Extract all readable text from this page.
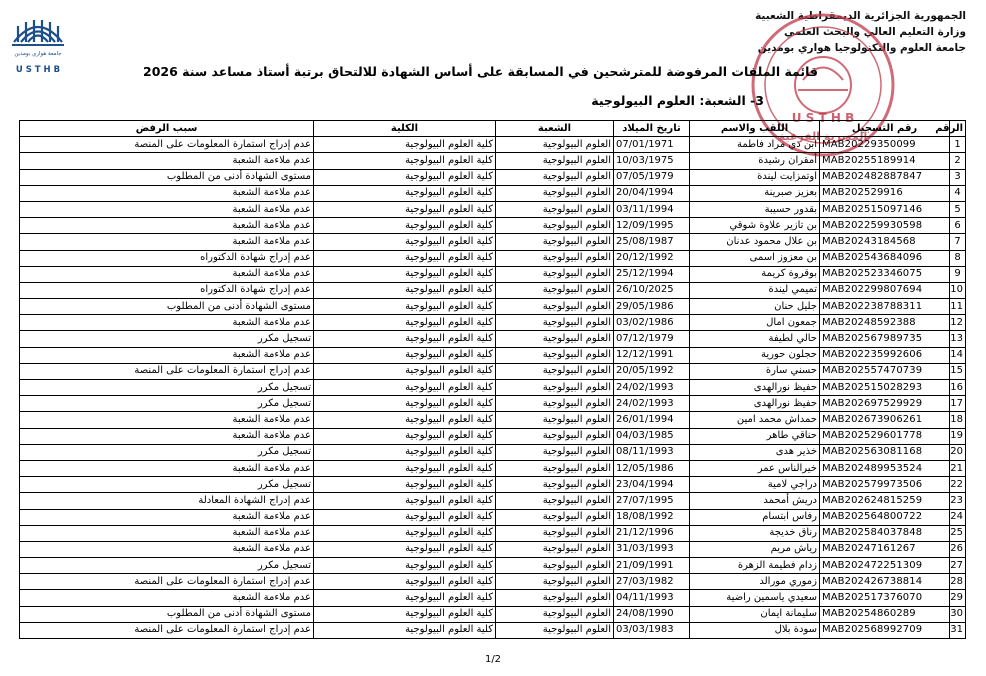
الجمهورية الجزائرية الديمقراطية الشعبية
وزارة التعليم العالي والبحث العلمي
جامعة العلوم والتكنولوجيا هواري بومدين
U S T H B
المديرية الفرعية
جامعة هواري بومدين
U S T H B	قائمة الملفات المرفوضة للمترشحين في المسابقة على أساس الشهادة للالتحاق برتبة أستاذ مساعد سنة 2026
3- الشعبة: العلوم البيولوجية
الرقم	رقم التسجيل	اللقب والاسم	تاريخ الميلاد	الشعبة	الكلية	سبب الرفض
1	MAB20229350099	ابن دي مراد فاطمة	07/01/1971	العلوم البيولوجية	كلية العلوم البيولوجية	عدم إدراج استمارة المعلومات على المنصة
2	MAB20255189914	أمقران رشيدة	10/03/1975	العلوم البيولوجية	كلية العلوم البيولوجية	عدم ملاءمة الشعبة
3	MAB202482887847	اوتمزايت ليندة	07/05/1979	العلوم البيولوجية	كلية العلوم البيولوجية	مستوى الشهادة أدنى من المطلوب
4	MAB202529916	بعزيز صبرينة	20/04/1994	العلوم البيولوجية	كلية العلوم البيولوجية	عدم ملاءمة الشعبة
5	MAB202515097146	بقدور حسيبة	03/11/1994	العلوم البيولوجية	كلية العلوم البيولوجية	عدم ملاءمة الشعبة
6	MAB202259930598	بن تازير علاوة شوقي	12/09/1995	العلوم البيولوجية	كلية العلوم البيولوجية	عدم ملاءمة الشعبة
7	MAB20243184568	بن علال محمود عدنان	25/08/1987	العلوم البيولوجية	كلية العلوم البيولوجية	عدم ملاءمة الشعبة
8	MAB202543684096	بن معزوز اسمى	20/12/1992	العلوم البيولوجية	كلية العلوم البيولوجية	عدم إدراج شهادة الدكتوراه
9	MAB202523346075	بوقروة كريمة	25/12/1994	العلوم البيولوجية	كلية العلوم البيولوجية	عدم ملاءمة الشعبة
10	MAB202299807694	تميمي ليندة	26/10/2025	العلوم البيولوجية	كلية العلوم البيولوجية	عدم إدراج شهادة الدكتوراه
11	MAB202238788311	جليل حنان	29/05/1986	العلوم البيولوجية	كلية العلوم البيولوجية	مستوى الشهادة أدنى من المطلوب
12	MAB20248592388	جمعون امال	03/02/1986	العلوم البيولوجية	كلية العلوم البيولوجية	عدم ملاءمة الشعبة
13	MAB202567989735	حالي لطيفة	07/12/1979	العلوم البيولوجية	كلية العلوم البيولوجية	تسجيل مكرر
14	MAB202235992606	حجلون حورية	12/12/1991	العلوم البيولوجية	كلية العلوم البيولوجية	عدم ملاءمة الشعبة
15	MAB202557470739	حسني سارة	20/05/1992	العلوم البيولوجية	كلية العلوم البيولوجية	عدم إدراج استمارة المعلومات على المنصة
16	MAB202515028293	حفيظ نورالهدى	24/02/1993	العلوم البيولوجية	كلية العلوم البيولوجية	تسجيل مكرر
17	MAB202697529929	حفيظ نورالهدى	24/02/1993	العلوم البيولوجية	كلية العلوم البيولوجية	تسجيل مكرر
18	MAB202673906261	حمداش محمد امين	26/01/1994	العلوم البيولوجية	كلية العلوم البيولوجية	عدم ملاءمة الشعبة
19	MAB202529601778	حناقي طاهر	04/03/1985	العلوم البيولوجية	كلية العلوم البيولوجية	عدم ملاءمة الشعبة
20	MAB202563081168	خذير هدى	08/11/1993	العلوم البيولوجية	كلية العلوم البيولوجية	تسجيل مكرر
21	MAB202489953524	خيرالناس عمر	12/05/1986	العلوم البيولوجية	كلية العلوم البيولوجية	عدم ملاءمة الشعبة
22	MAB202579973506	دراجي لامية	23/04/1994	العلوم البيولوجية	كلية العلوم البيولوجية	تسجيل مكرر
23	MAB202624815259	دريش أمحمد	27/07/1995	العلوم البيولوجية	كلية العلوم البيولوجية	عدم إدراج الشهادة المعادلة
24	MAB202564800722	رفاس ابتسام	18/08/1992	العلوم البيولوجية	كلية العلوم البيولوجية	عدم ملاءمة الشعبة
25	MAB202584037848	رناق خديجة	21/12/1996	العلوم البيولوجية	كلية العلوم البيولوجية	عدم ملاءمة الشعبة
26	MAB20247161267	رياش مريم	31/03/1993	العلوم البيولوجية	كلية العلوم البيولوجية	عدم ملاءمة الشعبة
27	MAB202472251309	زدام فطيمة الزهرة	21/09/1991	العلوم البيولوجية	كلية العلوم البيولوجية	تسجيل مكرر
28	MAB202426738814	زموري مورالد	27/03/1982	العلوم البيولوجية	كلية العلوم البيولوجية	عدم إدراج استمارة المعلومات على المنصة
29	MAB202517376070	سعيدي ياسمين راضية	04/11/1993	العلوم البيولوجية	كلية العلوم البيولوجية	عدم ملاءمة الشعبة
30	MAB20254860289	سليمانة ايمان	24/08/1990	العلوم البيولوجية	كلية العلوم البيولوجية	مستوى الشهادة أدنى من المطلوب
31	MAB202568992709	سودة بلال	03/03/1983	العلوم البيولوجية	كلية العلوم البيولوجية	عدم إدراج استمارة المعلومات على المنصة
1/2
